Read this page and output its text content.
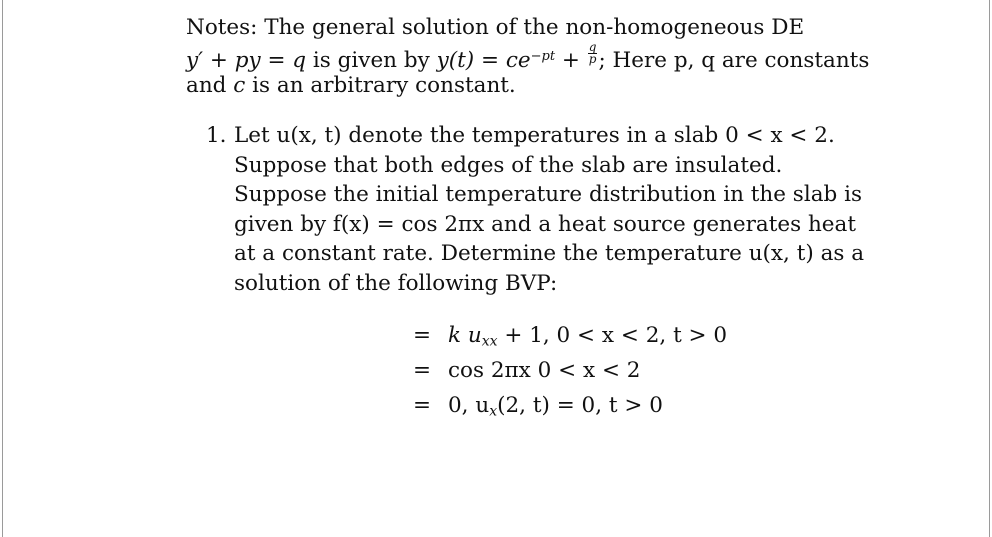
Notes: The general solution of the non-homogeneous DE
y′ + py = q is given by $y(t) = ce^{-pt} + \frac{q}{p}$ ; Here p, q are constants
and c is an arbitrary constant.
1. Let u(x, t) denote the temperatures in a slab 0 < x < 2.
Suppose that both edges of the slab are insulated.
Suppose the initial temperature distribution in the slab is
given by f(x) = cos 2πx and a heat source generates heat
at a constant rate. Determine the temperature u(x, t) as a
solution of the following BVP:
= k $u_{xx} + 1$, 0 < x < 2, t > 0
= cos 2πx 0 < x < 2
= 0, $u_x(2$, t) = 0, t > 0
